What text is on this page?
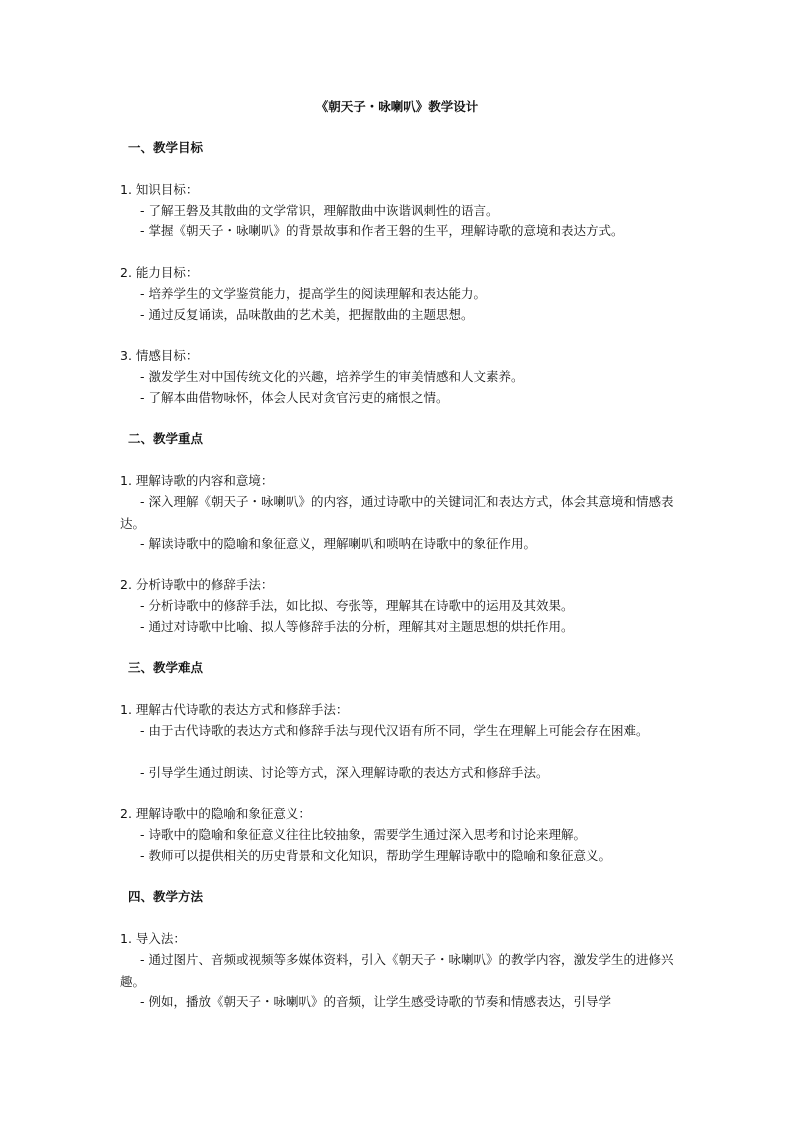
《朝天子・咏喇叭》教学设计
一、教学目标
1. 知识目标：
- 了解王磐及其散曲的文学常识，理解散曲中诙谐讽刺性的语言。
- 掌握《朝天子・咏喇叭》的背景故事和作者王磐的生平，理解诗歌的意境和表达方式。
2. 能力目标：
- 培养学生的文学鉴赏能力，提高学生的阅读理解和表达能力。
- 通过反复诵读，品味散曲的艺术美，把握散曲的主题思想。
3. 情感目标：
- 激发学生对中国传统文化的兴趣，培养学生的审美情感和人文素养。
- 了解本曲借物咏怀，体会人民对贪官污吏的痛恨之情。
二、教学重点
1. 理解诗歌的内容和意境：
- 深入理解《朝天子・咏喇叭》的内容，通过诗歌中的关键词汇和表达方式，体会其意境和情感表达。
- 解读诗歌中的隐喻和象征意义，理解喇叭和唢呐在诗歌中的象征作用。
2. 分析诗歌中的修辞手法：
- 分析诗歌中的修辞手法，如比拟、夸张等，理解其在诗歌中的运用及其效果。
- 通过对诗歌中比喻、拟人等修辞手法的分析，理解其对主题思想的烘托作用。
三、教学难点
1. 理解古代诗歌的表达方式和修辞手法：
- 由于古代诗歌的表达方式和修辞手法与现代汉语有所不同，学生在理解上可能会存在困难。
- 引导学生通过朗读、讨论等方式，深入理解诗歌的表达方式和修辞手法。
2. 理解诗歌中的隐喻和象征意义：
- 诗歌中的隐喻和象征意义往往比较抽象，需要学生通过深入思考和讨论来理解。
- 教师可以提供相关的历史背景和文化知识，帮助学生理解诗歌中的隐喻和象征意义。
四、教学方法
1. 导入法：
- 通过图片、音频或视频等多媒体资料，引入《朝天子・咏喇叭》的教学内容，激发学生的进修兴趣。
- 例如，播放《朝天子・咏喇叭》的音频，让学生感受诗歌的节奏和情感表达，引导学
